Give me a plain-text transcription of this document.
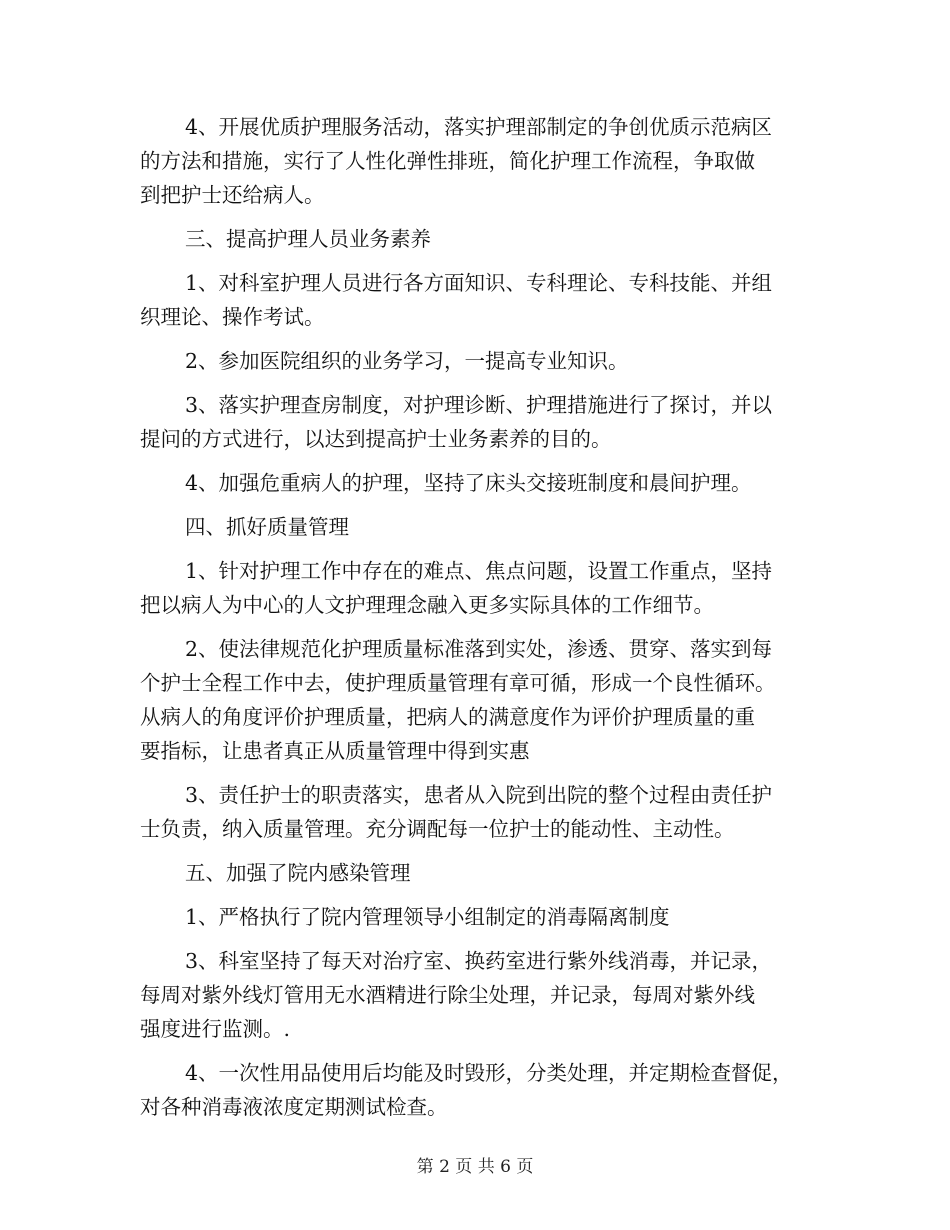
4、开展优质护理服务活动，落实护理部制定的争创优质示范病区

的方法和措施，实行了人性化弹性排班，简化护理工作流程，争取做

到把护士还给病人。

三、提高护理人员业务素养

1、对科室护理人员进行各方面知识、专科理论、专科技能、并组

织理论、操作考试。

2、参加医院组织的业务学习，一提高专业知识。

3、落实护理查房制度，对护理诊断、护理措施进行了探讨，并以

提问的方式进行，以达到提高护士业务素养的目的。

4、加强危重病人的护理，坚持了床头交接班制度和晨间护理。

四、抓好质量管理

1、针对护理工作中存在的难点、焦点问题，设置工作重点，坚持

把以病人为中心的人文护理理念融入更多实际具体的工作细节。

2、使法律规范化护理质量标准落到实处，渗透、贯穿、落实到每

个护士全程工作中去，使护理质量管理有章可循，形成一个良性循环。

从病人的角度评价护理质量，把病人的满意度作为评价护理质量的重

要指标，让患者真正从质量管理中得到实惠

3、责任护士的职责落实，患者从入院到出院的整个过程由责任护

士负责，纳入质量管理。充分调配每一位护士的能动性、主动性。

五、加强了院内感染管理

1、严格执行了院内管理领导小组制定的消毒隔离制度

3、科室坚持了每天对治疗室、换药室进行紫外线消毒，并记录，

每周对紫外线灯管用无水酒精进行除尘处理，并记录，每周对紫外线

强度进行监测。.

4、一次性用品使用后均能及时毁形，分类处理，并定期检查督促，

对各种消毒液浓度定期测试检查。

第 2 页 共 6 页
